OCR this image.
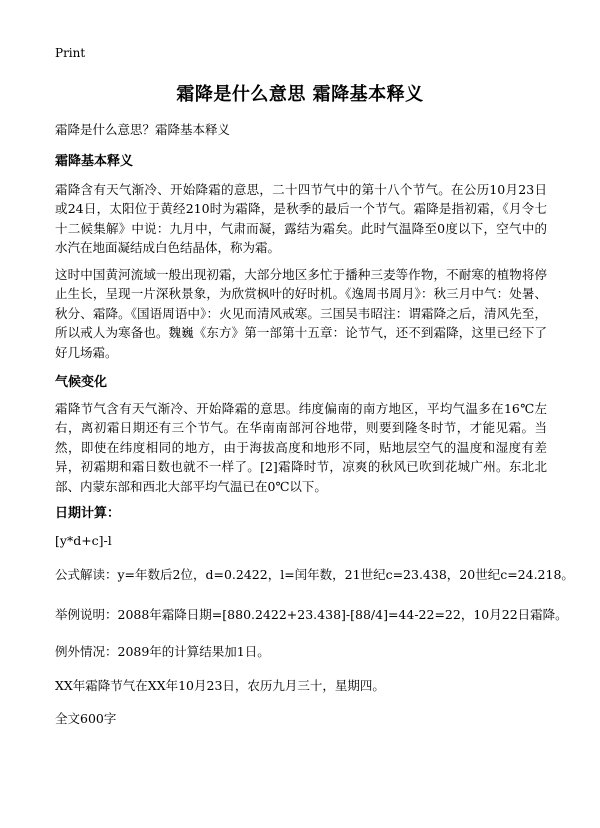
Print
霜降是什么意思 霜降基本释义
霜降是什么意思？霜降基本释义
霜降基本释义
霜降含有天气渐冷、开始降霜的意思，二十四节气中的第十八个节气。在公历10月23日或24日，太阳位于黄经210时为霜降，是秋季的最后一个节气。霜降是指初霜，《月令七十二候集解》中说：九月中，气肃而凝，露结为霜矣。此时气温降至0度以下，空气中的水汽在地面凝结成白色结晶体，称为霜。
这时中国黄河流域一般出现初霜，大部分地区多忙于播种三麦等作物，不耐寒的植物将停止生长，呈现一片深秋景象，为欣赏枫叶的好时机。《逸周书周月》：秋三月中气：处暑、秋分、霜降。《国语周语中》：火见而清风戒寒。三国吴韦昭注：谓霜降之后，清风先至，所以戒人为寒备也。魏巍《东方》第一部第十五章：论节气，还不到霜降，这里已经下了好几场霜。
气候变化
霜降节气含有天气渐冷、开始降霜的意思。纬度偏南的南方地区，平均气温多在16℃左右，离初霜日期还有三个节气。在华南南部河谷地带，则要到隆冬时节，才能见霜。当然，即使在纬度相同的地方，由于海拔高度和地形不同，贴地层空气的温度和湿度有差异，初霜期和霜日数也就不一样了。[2]霜降时节，凉爽的秋风已吹到花城广州。东北北部、内蒙东部和西北大部平均气温已在0℃以下。
日期计算：
[y*d+c]-l
公式解读：y=年数后2位，d=0.2422，l=闰年数，21世纪c=23.438，20世纪c=24.218。
举例说明：2088年霜降日期=[880.2422+23.438]-[88/4]=44-22=22，10月22日霜降。
例外情况：2089年的计算结果加1日。
XX年霜降节气在XX年10月23日，农历九月三十，星期四。
全文600字
